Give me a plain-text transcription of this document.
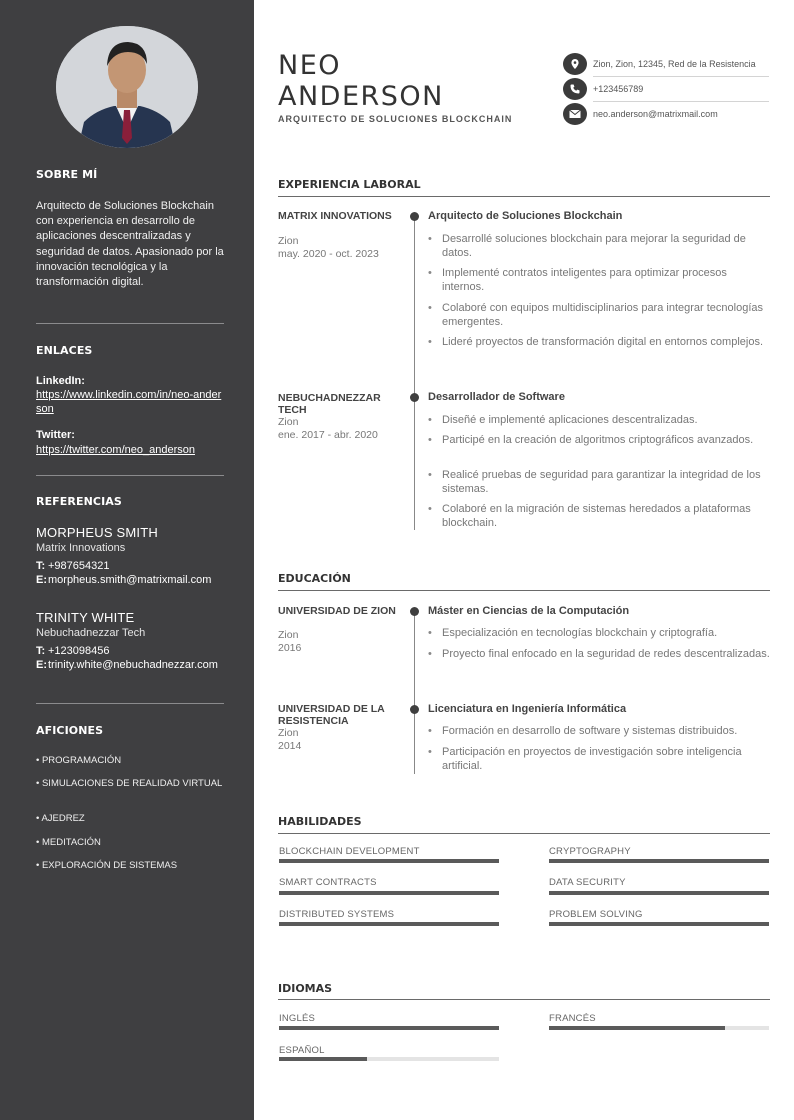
SOBRE MÍ
Arquitecto de Soluciones Blockchain con experiencia en desarrollo de aplicaciones descentralizadas y seguridad de datos. Apasionado por la innovación tecnológica y la transformación digital.
ENLACES
LinkedIn:
https://www.linkedin.com/in/neo-anderson
Twitter:
https://twitter.com/neo_anderson
REFERENCIAS
MORPHEUS SMITH
Matrix Innovations
T: +987654321
E: morpheus.smith@matrixmail.com
TRINITY WHITE
Nebuchadnezzar Tech
T: +123098456
E: trinity.white@nebuchadnezzar.com
AFICIONES
• PROGRAMACIÓN
• SIMULACIONES DE REALIDAD VIRTUAL
• AJEDREZ
• MEDITACIÓN
• EXPLORACIÓN DE SISTEMAS
NEO
ANDERSON
ARQUITECTO DE SOLUCIONES BLOCKCHAIN
Zion, Zion, 12345, Red de la Resistencia
+123456789
neo.anderson@matrixmail.com
EXPERIENCIA LABORAL
MATRIX INNOVATIONS
Zion
may. 2020 - oct. 2023
Arquitecto de Soluciones Blockchain
• Desarrollé soluciones blockchain para mejorar la seguridad de datos.
• Implementé contratos inteligentes para optimizar procesos internos.
• Colaboré con equipos multidisciplinarios para integrar tecnologías emergentes.
• Lideré proyectos de transformación digital en entornos complejos.
NEBUCHADNEZZAR TECH
Zion
ene. 2017 - abr. 2020
Desarrollador de Software
• Diseñé e implementé aplicaciones descentralizadas.
• Participé en la creación de algoritmos criptográficos avanzados.
• Realicé pruebas de seguridad para garantizar la integridad de los sistemas.
• Colaboré en la migración de sistemas heredados a plataformas blockchain.
EDUCACIÓN
UNIVERSIDAD DE ZION
Zion
2016
Máster en Ciencias de la Computación
• Especialización en tecnologías blockchain y criptografía.
• Proyecto final enfocado en la seguridad de redes descentralizadas.
UNIVERSIDAD DE LA RESISTENCIA
Zion
2014
Licenciatura en Ingeniería Informática
• Formación en desarrollo de software y sistemas distribuidos.
• Participación en proyectos de investigación sobre inteligencia artificial.
HABILIDADES
BLOCKCHAIN DEVELOPMENT	CRYPTOGRAPHY
SMART CONTRACTS	DATA SECURITY
DISTRIBUTED SYSTEMS	PROBLEM SOLVING
IDIOMAS
INGLÉS	FRANCÉS
ESPAÑOL
